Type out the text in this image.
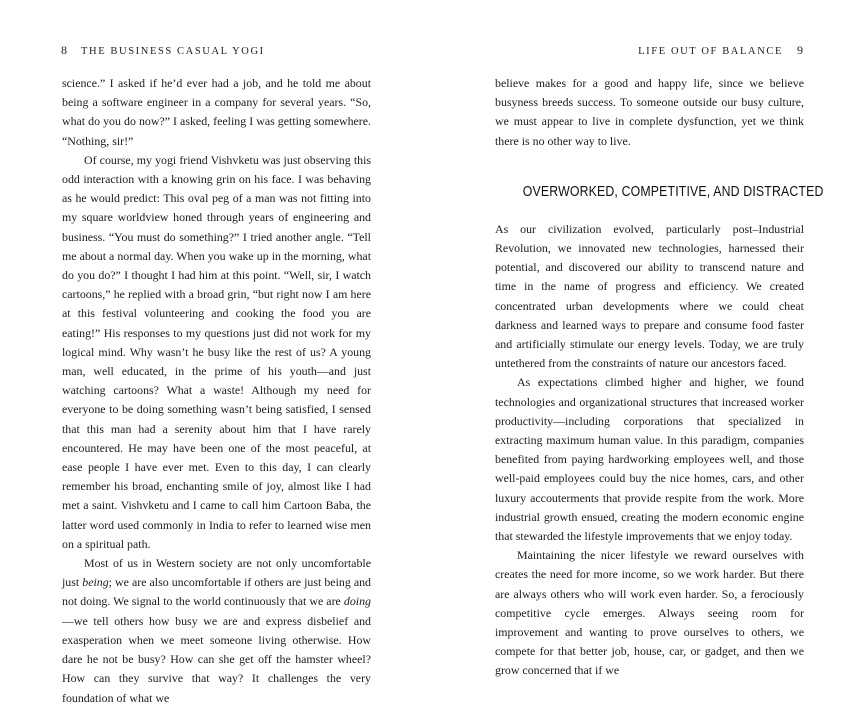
8 THE BUSINESS CASUAL YOGI

science.” I asked if he’d ever had a job, and he told me about being a software engineer in a company for several years. “So, what do you do now?” I asked, feeling I was getting somewhere. “Nothing, sir!”

Of course, my yogi friend Vishvketu was just observing this odd interaction with a knowing grin on his face. I was behaving as he would predict: This oval peg of a man was not fitting into my square worldview honed through years of engineering and business. “You must do something?” I tried another angle. “Tell me about a normal day. When you wake up in the morning, what do you do?” I thought I had him at this point. “Well, sir, I watch cartoons,” he replied with a broad grin, “but right now I am here at this festival volunteering and cooking the food you are eating!” His responses to my questions just did not work for my logical mind. Why wasn’t he busy like the rest of us? A young man, well educated, in the prime of his youth—and just watching cartoons? What a waste! Although my need for everyone to be doing something wasn’t being satisfied, I sensed that this man had a serenity about him that I have rarely encountered. He may have been one of the most peaceful, at ease people I have ever met. Even to this day, I can clearly remember his broad, enchanting smile of joy, almost like I had met a saint. Vishvketu and I came to call him Cartoon Baba, the latter word used commonly in India to refer to learned wise men on a spiritual path.

Most of us in Western society are not only uncomfortable just being; we are also uncomfortable if others are just being and not doing. We signal to the world continuously that we are doing—we tell others how busy we are and express disbelief and exasperation when we meet someone living otherwise. How dare he not be busy? How can she get off the hamster wheel? How can they survive that way? It challenges the very foundation of what we

LIFE OUT OF BALANCE 9

believe makes for a good and happy life, since we believe busyness breeds success. To someone outside our busy culture, we must appear to live in complete dysfunction, yet we think there is no other way to live.

OVERWORKED, COMPETITIVE, AND DISTRACTED

As our civilization evolved, particularly post–Industrial Revolution, we innovated new technologies, harnessed their potential, and discovered our ability to transcend nature and time in the name of progress and efficiency. We created concentrated urban developments where we could cheat darkness and learned ways to prepare and consume food faster and artificially stimulate our energy levels. Today, we are truly untethered from the constraints of nature our ancestors faced.

As expectations climbed higher and higher, we found technologies and organizational structures that increased worker productivity—including corporations that specialized in extracting maximum human value. In this paradigm, companies benefited from paying hardworking employees well, and those well-paid employees could buy the nice homes, cars, and other luxury accouterments that provide respite from the work. More industrial growth ensued, creating the modern economic engine that stewarded the lifestyle improvements that we enjoy today.

Maintaining the nicer lifestyle we reward ourselves with creates the need for more income, so we work harder. But there are always others who will work even harder. So, a ferociously competitive cycle emerges. Always seeing room for improvement and wanting to prove ourselves to others, we compete for that better job, house, car, or gadget, and then we grow concerned that if we
